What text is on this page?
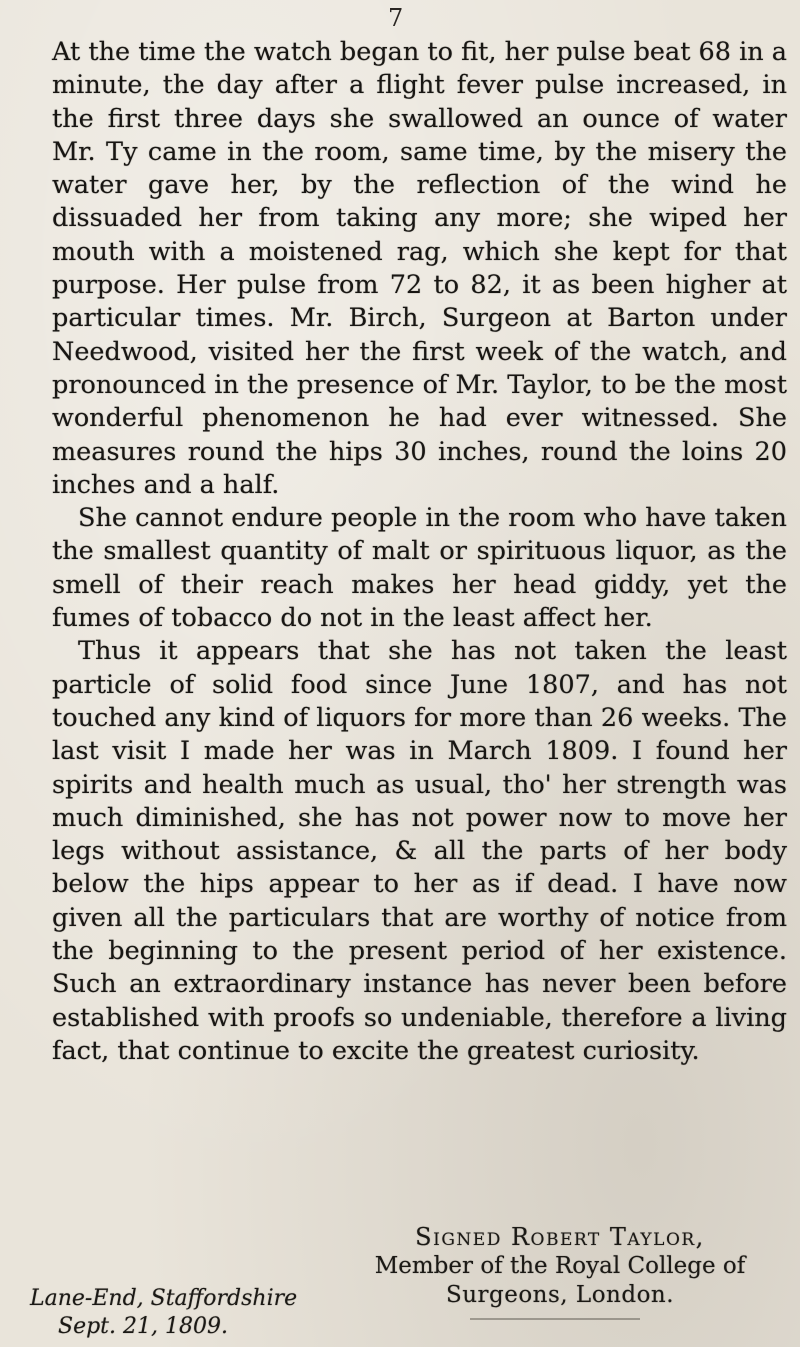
7

At the time the watch began to fit, her pulse beat 68 in a minute, the day after a flight fever pulse increased, in the first three days she swallowed an ounce of water Mr. Ty came in the room, same time, by the misery the water gave her, by the reflection of the wind he dissuaded her from taking any more; she wiped her mouth with a moistened rag, which she kept for that purpose. Her pulse from 72 to 82, it as been higher at particular times. Mr. Birch, Surgeon at Barton under Needwood, visited her the first week of the watch, and pronounced in the presence of Mr. Taylor, to be the most wonderful phenomenon he had ever witnessed. She measures round the hips 30 inches, round the loins 20 inches and a half.

She cannot endure people in the room who have taken the smallest quantity of malt or spirituous liquor, as the smell of their reach makes her head giddy, yet the fumes of tobacco do not in the least affect her.

Thus it appears that she has not taken the least particle of solid food since June 1807, and has not touched any kind of liquors for more than 26 weeks. The last visit I made her was in March 1809. I found her spirits and health much as usual, tho' her strength was much diminished, she has not power now to move her legs without assistance, & all the parts of her body below the hips appear to her as if dead. I have now given all the particulars that are worthy of notice from the beginning to the present period of her existence. Such an extraordinary instance has never been before established with proofs so undeniable, therefore a living fact, that continue to excite the greatest curiosity.

Signed Robert Taylor,

Member of the Royal College of

Surgeons, London.

Lane-End, Staffordshire
Sept. 21, 1809.
